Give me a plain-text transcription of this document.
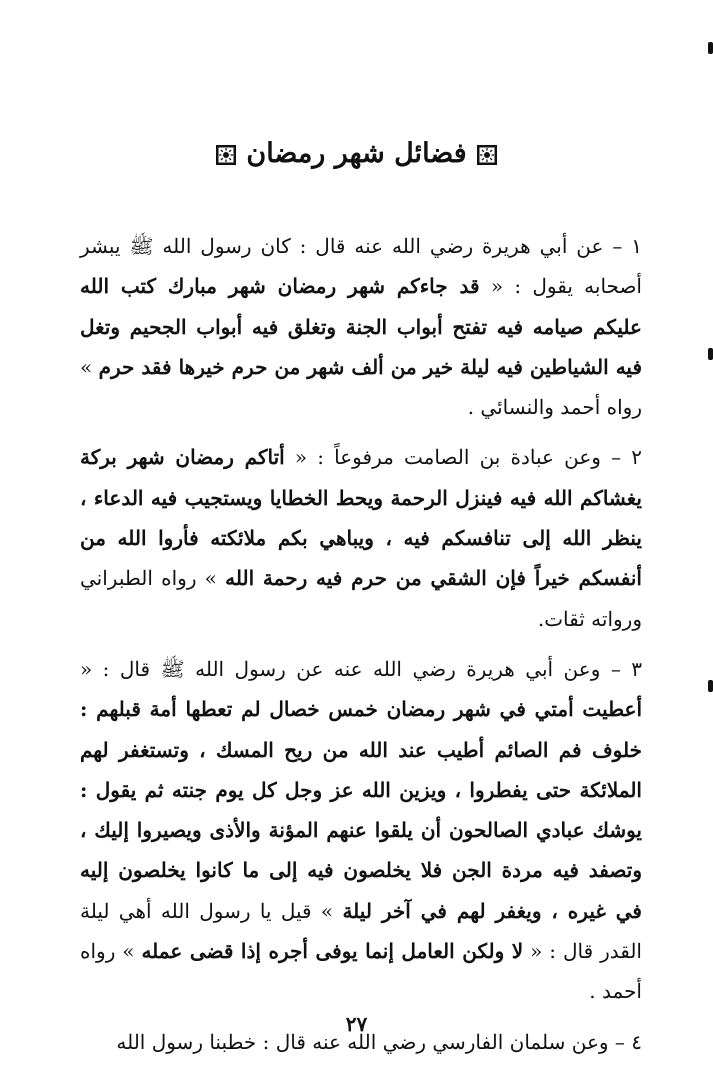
فضائل شهر رمضان

١ – عن أبي هريرة رضي الله عنه قال : كان رسول الله ﷺ يبشر أصحابه يقول : « قد جاءكم شهر رمضان شهر مبارك كتب الله عليكم صيامه فيه تفتح أبواب الجنة وتغلق فيه أبواب الجحيم وتغل فيه الشياطين فيه ليلة خير من ألف شهر من حرم خيرها فقد حرم » رواه أحمد والنسائي .

٢ – وعن عبادة بن الصامت مرفوعاً : « أتاكم رمضان شهر بركة يغشاكم الله فيه فينزل الرحمة ويحط الخطايا ويستجيب فيه الدعاء ، ينظر الله إلى تنافسكم فيه ، ويباهي بكم ملائكته فأروا الله من أنفسكم خيراً فإن الشقي من حرم فيه رحمة الله » رواه الطبراني ورواته ثقات.

٣ – وعن أبي هريرة رضي الله عنه عن رسول الله ﷺ قال : « أعطيت أمتي في شهر رمضان خمس خصال لم تعطها أمة قبلهم : خلوف فم الصائم أطيب عند الله من ريح المسك ، وتستغفر لهم الملائكة حتى يفطروا ، ويزين الله عز وجل كل يوم جنته ثم يقول : يوشك عبادي الصالحون أن يلقوا عنهم المؤنة والأذى ويصيروا إليك ، وتصفد فيه مردة الجن فلا يخلصون فيه إلى ما كانوا يخلصون إليه في غيره ، ويغفر لهم في آخر ليلة » قيل يا رسول الله أهي ليلة القدر قال : « لا ولكن العامل إنما يوفى أجره إذا قضى عمله » رواه أحمد .

٤ – وعن سلمان الفارسي رضي الله عنه قال : خطبنا رسول الله

٢٧
